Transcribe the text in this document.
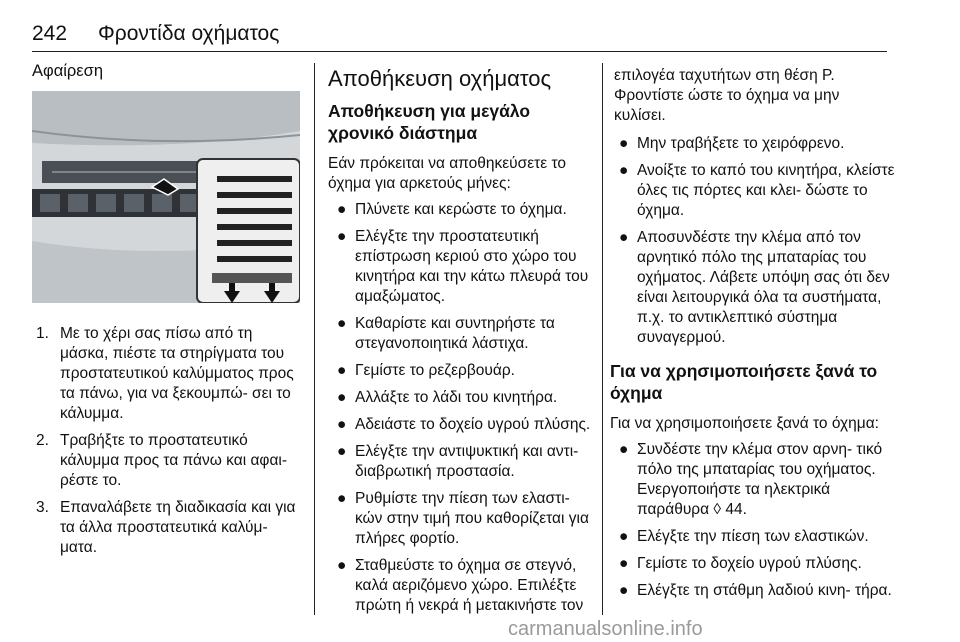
242 Φροντίδα οχήματος
Αφαίρεση
1. Με το χέρι σας πίσω από τη μάσκα, πιέστε τα στηρίγματα του προστατευτικού καλύμματος προς τα πάνω, για να ξεκουμπώ- σει το κάλυμμα.
2. Τραβήξτε το προστατευτικό κάλυμμα προς τα πάνω και αφαι- ρέστε το.
3. Επαναλάβετε τη διαδικασία και για τα άλλα προστατευτικά καλύμ- ματα.
Αποθήκευση οχήματος
Αποθήκευση για μεγάλο χρονικό διάστημα
Εάν πρόκειται να αποθηκεύσετε το όχημα για αρκετούς μήνες:
● Πλύνετε και κερώστε το όχημα.
● Ελέγξτε την προστατευτική επίστρωση κεριού στο χώρο του κινητήρα και την κάτω πλευρά του αμαξώματος.
● Καθαρίστε και συντηρήστε τα στεγανοποιητικά λάστιχα.
● Γεμίστε το ρεζερβουάρ.
● Αλλάξτε το λάδι του κινητήρα.
● Αδειάστε το δοχείο υγρού πλύσης.
● Ελέγξτε την αντιψυκτική και αντι- διαβρωτική προστασία.
● Ρυθμίστε την πίεση των ελαστι- κών στην τιμή που καθορίζεται για πλήρες φορτίο.
● Σταθμεύστε το όχημα σε στεγνό, καλά αεριζόμενο χώρο. Επιλέξτε πρώτη ή νεκρά ή μετακινήστε τον
επιλογέα ταχυτήτων στη θέση P. Φροντίστε ώστε το όχημα να μην κυλίσει.
● Μην τραβήξετε το χειρόφρενο.
● Ανοίξτε το καπό του κινητήρα, κλείστε όλες τις πόρτες και κλει- δώστε το όχημα.
● Αποσυνδέστε την κλέμα από τον αρνητικό πόλο της μπαταρίας του οχήματος. Λάβετε υπόψη σας ότι δεν είναι λειτουργικά όλα τα συστήματα, π.χ. το αντικλεπτικό σύστημα συναγερμού.
Για να χρησιμοποιήσετε ξανά το όχημα
Για να χρησιμοποιήσετε ξανά το όχημα:
● Συνδέστε την κλέμα στον αρνη- τικό πόλο της μπαταρίας του οχήματος. Ενεργοποιήστε τα ηλεκτρικά παράθυρα ◊ 44.
● Ελέγξτε την πίεση των ελαστικών.
● Γεμίστε το δοχείο υγρού πλύσης.
● Ελέγξτε τη στάθμη λαδιού κινη- τήρα.
carmanualsonline.info
